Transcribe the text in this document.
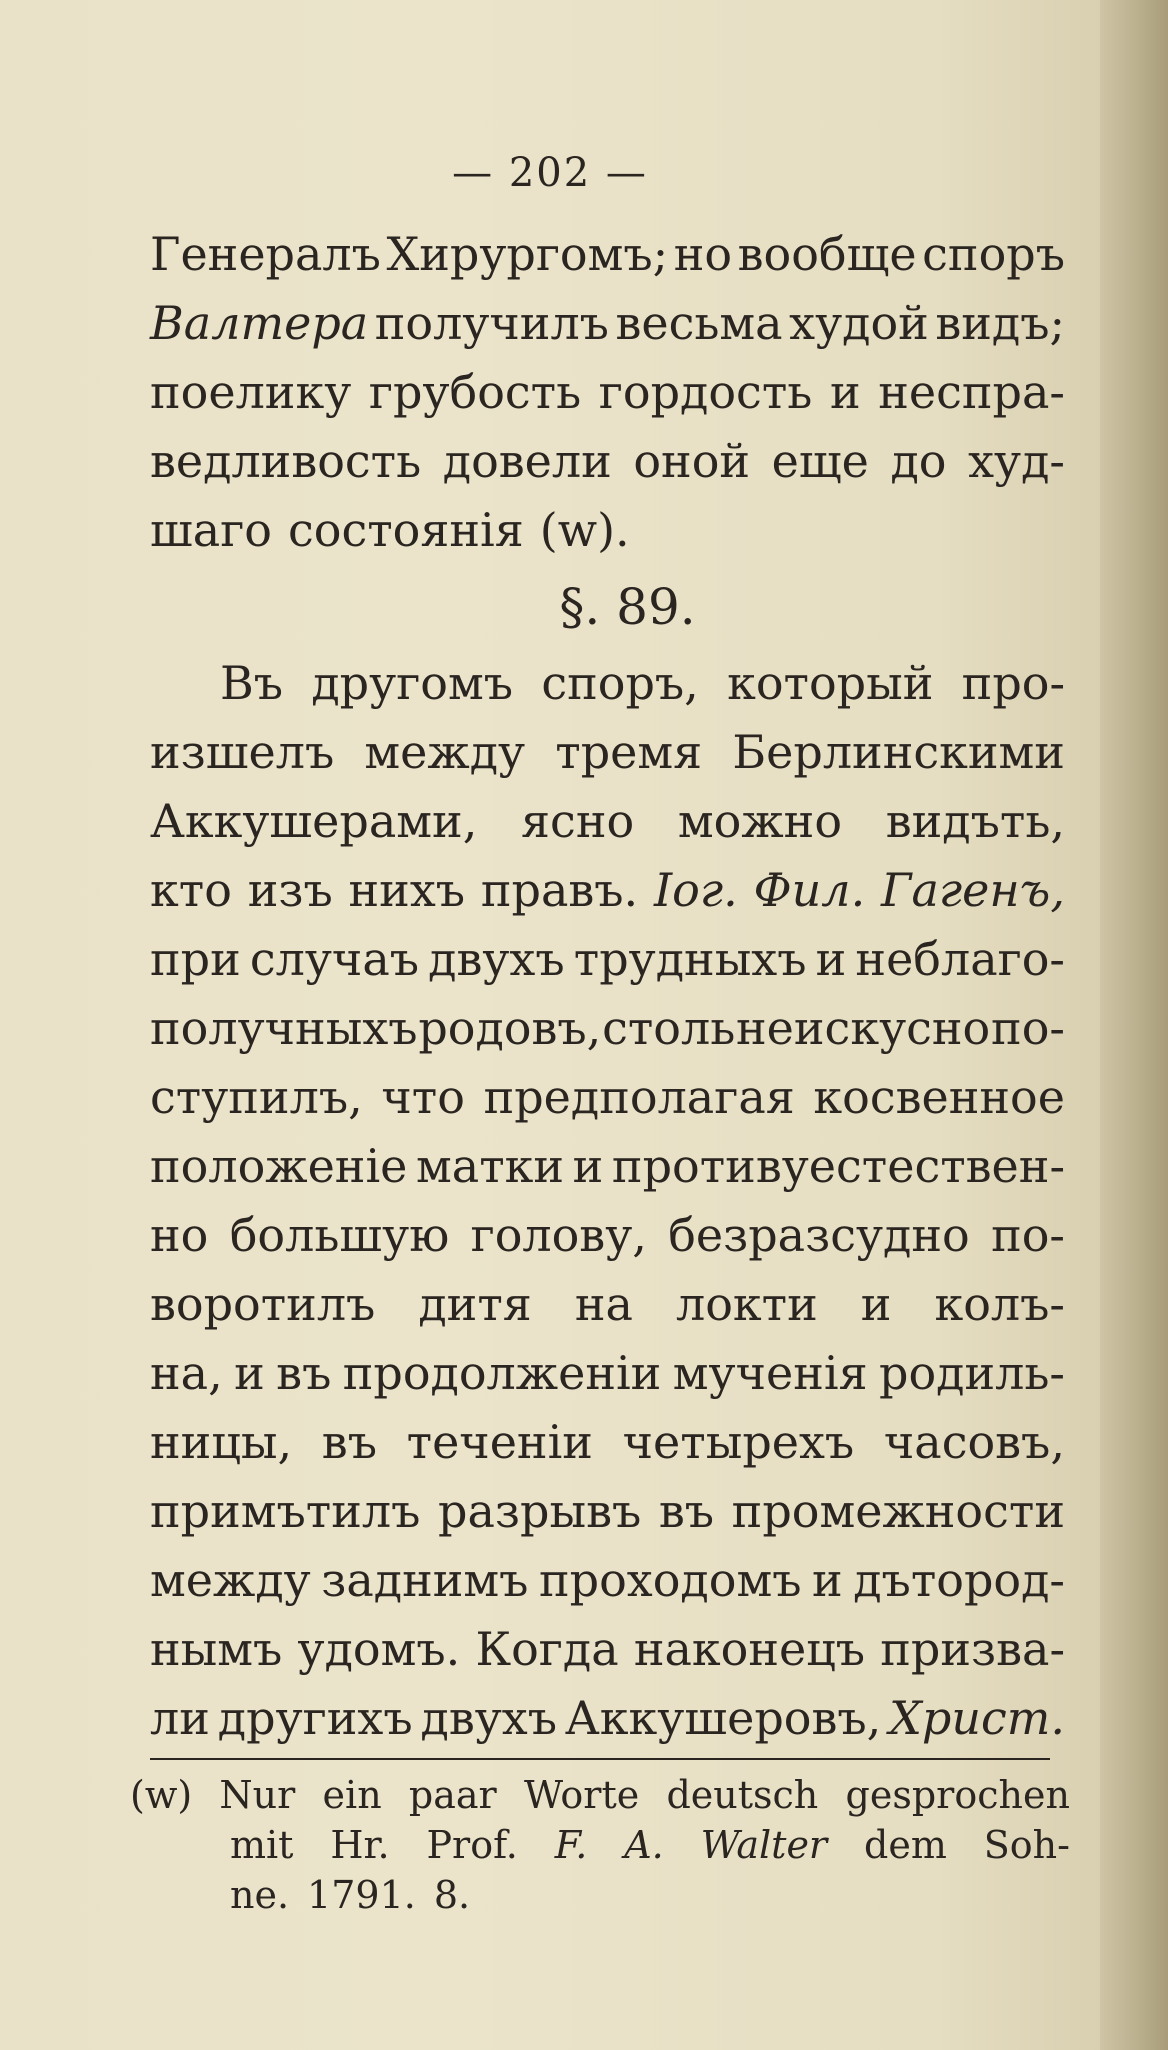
— 202 —
Генералъ Хирургомъ; но вообще споръ
Валтера получилъ весьма худой видъ;
поелику грубость гордость и неспра-
ведливость довели оной еще до худ-
шаго состоянія (w).
§. 89.
Въ другомъ споръ, который про-
изшелъ между тремя Берлинскими
Аккушерами, ясно можно видъть,
кто изъ нихъ правъ. Іог. Фил. Гагенъ,
при случаъ двухъ трудныхъ и неблаго-
получныхъ родовъ, столь неискусно по-
ступилъ, что предполагая косвенное
положеніе матки и противуестествен-
но большую голову, безразсудно по-
воротилъ дитя на локти и колъ-
на, и въ продолженіи мученія родиль-
ницы, въ теченіи четырехъ часовъ,
примътилъ разрывъ въ промежности
между заднимъ проходомъ и дътород-
нымъ удомъ. Когда наконецъ призва-
ли другихъ двухъ Аккушеровъ, Христ.
(w) Nur ein paar Worte deutsch gesprochen
mit Hr. Prof. F. A. Walter dem Soh-
ne. 1791. 8.
